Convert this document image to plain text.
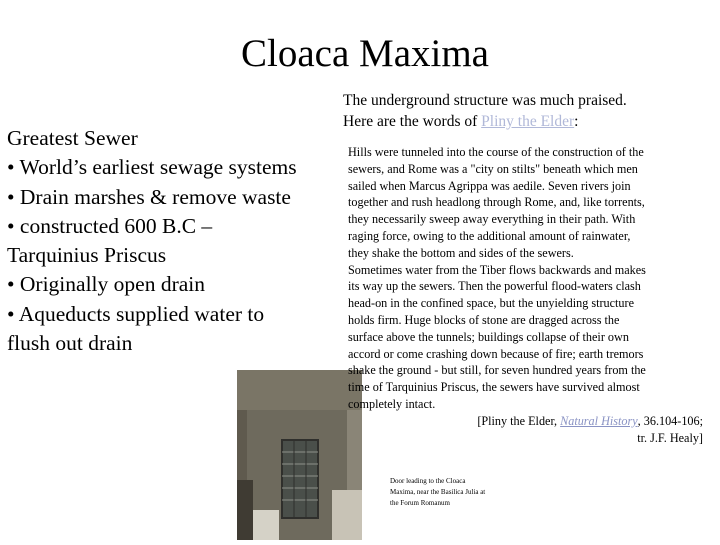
Cloaca Maxima
Greatest Sewer
• World’s earliest sewage systems
• Drain marshes & remove waste
• constructed 600 B.C –
Tarquinius Priscus
• Originally open drain
• Aqueducts supplied water to
flush out drain
The underground structure was much praised.
Here are the words of Pliny the Elder:
Hills were tunneled into the course of the construction of the
sewers, and Rome was a "city on stilts" beneath which men
sailed when Marcus Agrippa was aedile. Seven rivers join
together and rush headlong through Rome, and, like torrents,
they necessarily sweep away everything in their path. With
raging force, owing to the additional amount of rainwater,
they shake the bottom and sides of the sewers.
Sometimes water from the Tiber flows backwards and makes
its way up the sewers. Then the powerful flood-waters clash
head-on in the confined space, but the unyielding structure
holds firm. Huge blocks of stone are dragged across the
surface above the tunnels; buildings collapse of their own
accord or come crashing down because of fire; earth tremors
shake the ground - but still, for seven hundred years from the
time of Tarquinius Priscus, the sewers have survived almost
completely intact.
[Pliny the Elder, Natural History, 36.104-106;
tr. J.F. Healy]
Door leading to the Cloaca
Maxima, near the Basilica Julia at
the Forum Romanum
